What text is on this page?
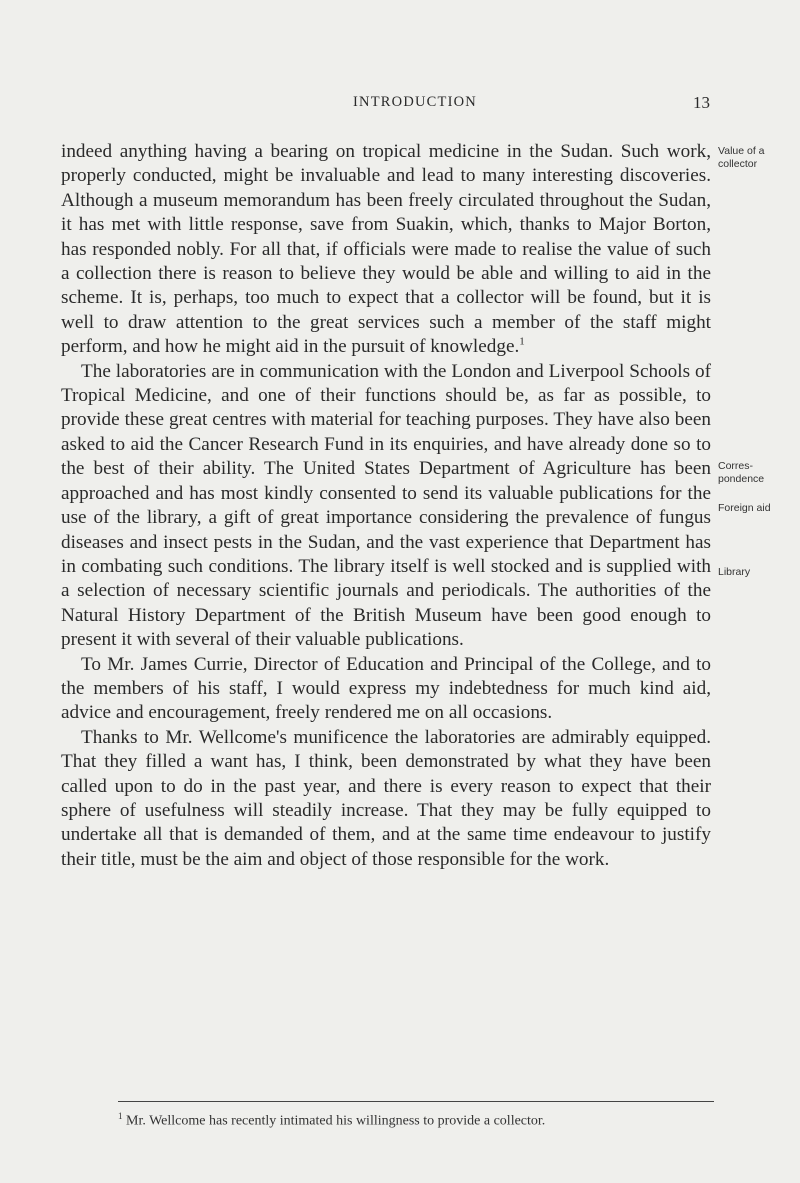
INTRODUCTION	13

indeed anything having a bearing on tropical medicine in the Sudan. Such work, properly conducted, might be invaluable and lead to many interesting discoveries. Although a museum memorandum has been freely circulated throughout the Sudan, it has met with little response, save from Suakin, which, thanks to Major Borton, has responded nobly. For all that, if officials were made to realise the value of such a collection there is reason to believe they would be able and willing to aid in the scheme. It is, perhaps, too much to expect that a collector will be found, but it is well to draw attention to the great services such a member of the staff might perform, and how he might aid in the pursuit of knowledge.$^1$

The laboratories are in communication with the London and Liverpool Schools of Tropical Medicine, and one of their functions should be, as far as possible, to provide these great centres with material for teaching purposes. They have also been asked to aid the Cancer Research Fund in its enquiries, and have already done so to the best of their ability. The United States Department of Agriculture has been approached and has most kindly consented to send its valuable publications for the use of the library, a gift of great importance considering the prevalence of fungus diseases and insect pests in the Sudan, and the vast experience that Department has in combating such conditions. The library itself is well stocked and is supplied with a selection of necessary scientific journals and periodicals. The authorities of the Natural History Department of the British Museum have been good enough to present it with several of their valuable publications.

To Mr. James Currie, Director of Education and Principal of the College, and to the members of his staff, I would express my indebtedness for much kind aid, advice and encouragement, freely rendered me on all occasions.

Thanks to Mr. Wellcome's munificence the laboratories are admirably equipped. That they filled a want has, I think, been demonstrated by what they have been called upon to do in the past year, and there is every reason to expect that their sphere of usefulness will steadily increase. That they may be fully equipped to undertake all that is demanded of them, and at the same time endeavour to justify their title, must be the aim and object of those responsible for the work.

Value of a collector
Corres- pondence
Foreign aid
Library
$^1$ Mr. Wellcome has recently intimated his willingness to provide a collector.
